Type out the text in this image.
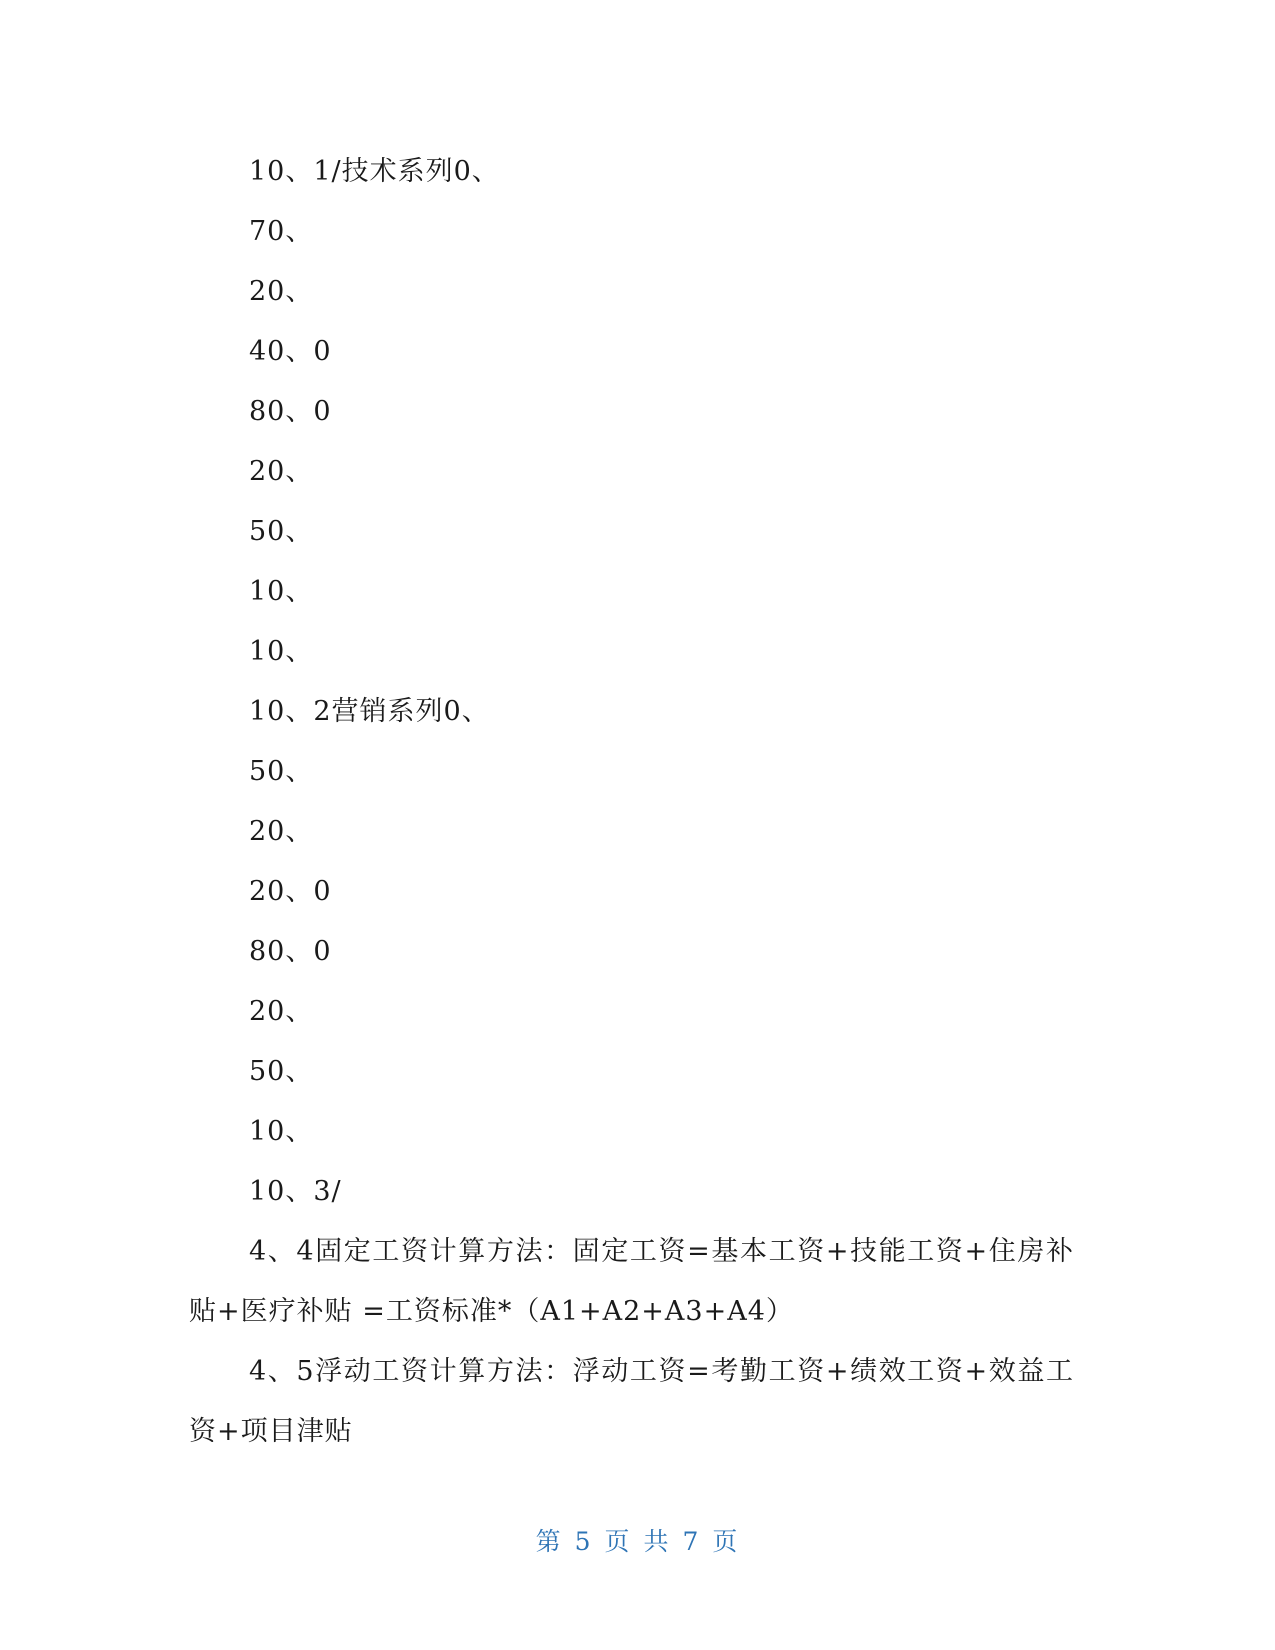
10、1/技术系列0、
70、
20、
40、0
80、0
20、
50、
10、
10、
10、2营销系列0、
50、
20、
20、0
80、0
20、
50、
10、
10、3/
4、4固定工资计算方法：固定工资=基本工资+技能工资+住房补贴+医疗补贴 =工资标准*（A1+A2+A3+A4）
4、5浮动工资计算方法：浮动工资=考勤工资+绩效工资+效益工资+项目津贴
第 5 页 共 7 页
